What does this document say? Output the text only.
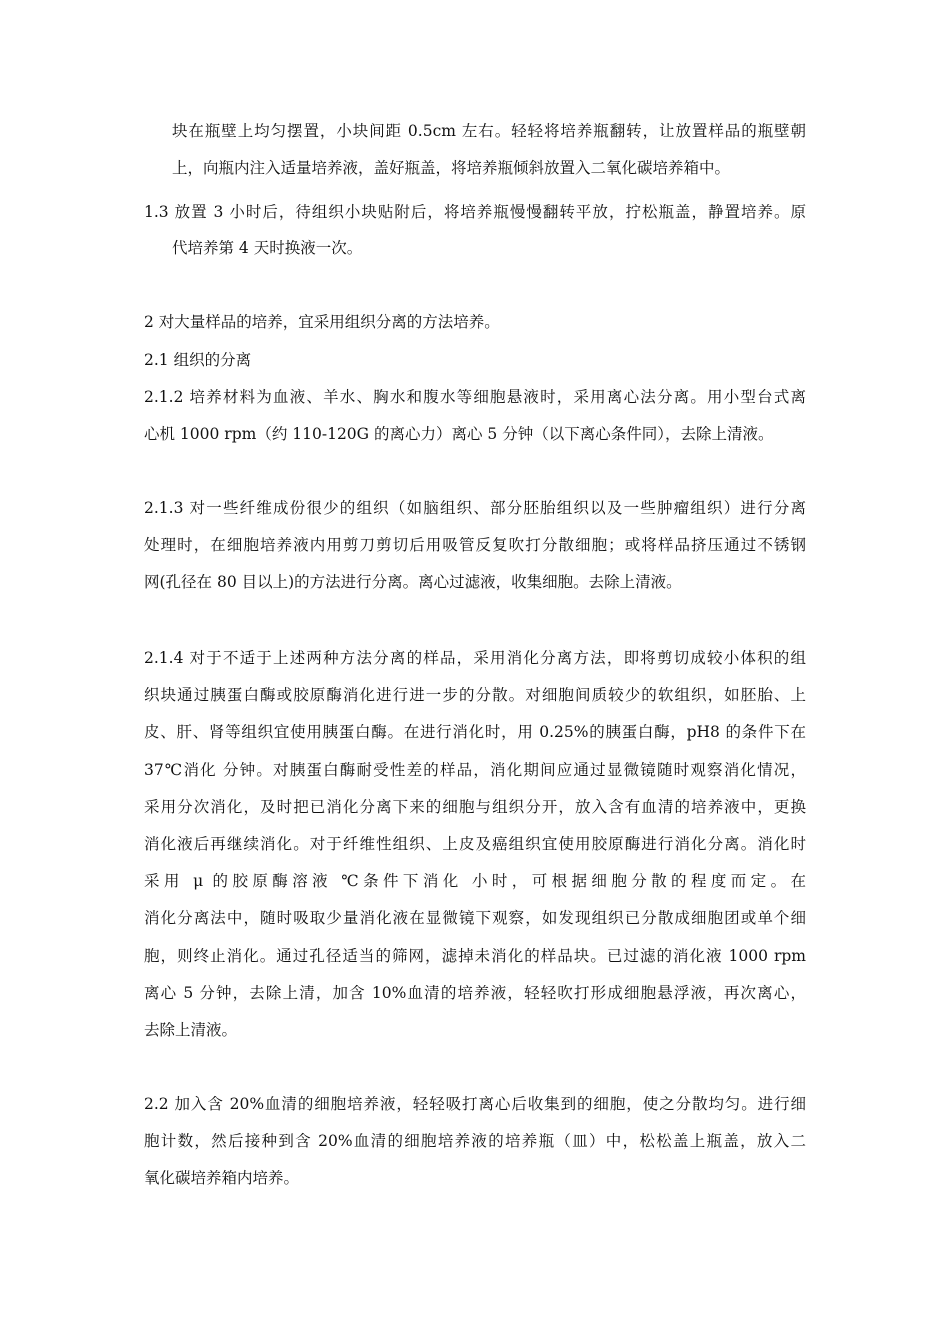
块在瓶壁上均匀摆置，小块间距 0.5cm 左右。轻轻将培养瓶翻转，让放置样品的瓶壁朝
上，向瓶内注入适量培养液，盖好瓶盖，将培养瓶倾斜放置入二氧化碳培养箱中。
1.3 放置 3 小时后，待组织小块贴附后，将培养瓶慢慢翻转平放，拧松瓶盖，静置培养。原
代培养第 4 天时换液一次。
2 对大量样品的培养，宜采用组织分离的方法培养。
2.1 组织的分离
2.1.2 培养材料为血液、羊水、胸水和腹水等细胞悬液时，采用离心法分离。用小型台式离
心机 1000 rpm（约 110-120G 的离心力）离心 5 分钟（以下离心条件同），去除上清液。
2.1.3 对一些纤维成份很少的组织（如脑组织、部分胚胎组织以及一些肿瘤组织）进行分离
处理时，在细胞培养液内用剪刀剪切后用吸管反复吹打分散细胞；或将样品挤压通过不锈钢
网(孔径在 80 目以上)的方法进行分离。离心过滤液，收集细胞。去除上清液。
2.1.4 对于不适于上述两种方法分离的样品，采用消化分离方法，即将剪切成较小体积的组
织块通过胰蛋白酶或胶原酶消化进行进一步的分散。对细胞间质较少的软组织，如胚胎、上
皮、肝、肾等组织宜使用胰蛋白酶。在进行消化时，用 0.25%的胰蛋白酶，pH8 的条件下在
37℃消化 分钟。对胰蛋白酶耐受性差的样品，消化期间应通过显微镜随时观察消化情况，
采用分次消化，及时把已消化分离下来的细胞与组织分开，放入含有血清的培养液中，更换
消化液后再继续消化。对于纤维性组织、上皮及癌组织宜使用胶原酶进行消化分离。消化时
采用 μ 的胶原酶溶液 ℃条件下消化 小时，可根据细胞分散的程度而定。在
消化分离法中，随时吸取少量消化液在显微镜下观察，如发现组织已分散成细胞团或单个细
胞，则终止消化。通过孔径适当的筛网，滤掉未消化的样品块。已过滤的消化液 1000 rpm
离心 5 分钟，去除上清，加含 10%血清的培养液，轻轻吹打形成细胞悬浮液，再次离心，
去除上清液。
2.2 加入含 20%血清的细胞培养液，轻轻吸打离心后收集到的细胞，使之分散均匀。进行细
胞计数，然后接种到含 20%血清的细胞培养液的培养瓶（皿）中，松松盖上瓶盖，放入二
氧化碳培养箱内培养。
